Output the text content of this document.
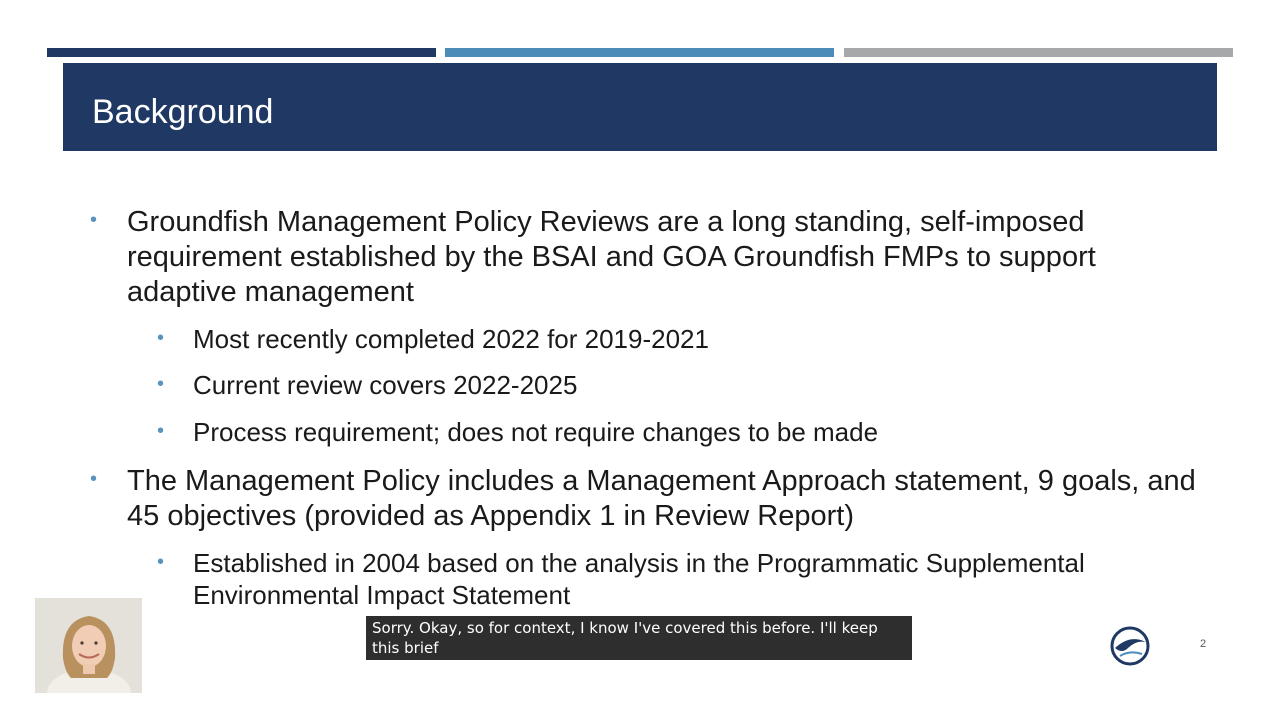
Background
• Groundfish Management Policy Reviews are a long standing, self-imposed requirement established by the BSAI and GOA Groundfish FMPs to support adaptive management
• Most recently completed 2022 for 2019-2021
• Current review covers 2022-2025
• Process requirement; does not require changes to be made
• The Management Policy includes a Management Approach statement, 9 goals, and 45 objectives (provided as Appendix 1 in Review Report)
• Established in 2004 based on the analysis in the Programmatic Supplemental Environmental Impact Statement
Sorry. Okay, so for context, I know I've covered this before. I'll keep this brief	2
